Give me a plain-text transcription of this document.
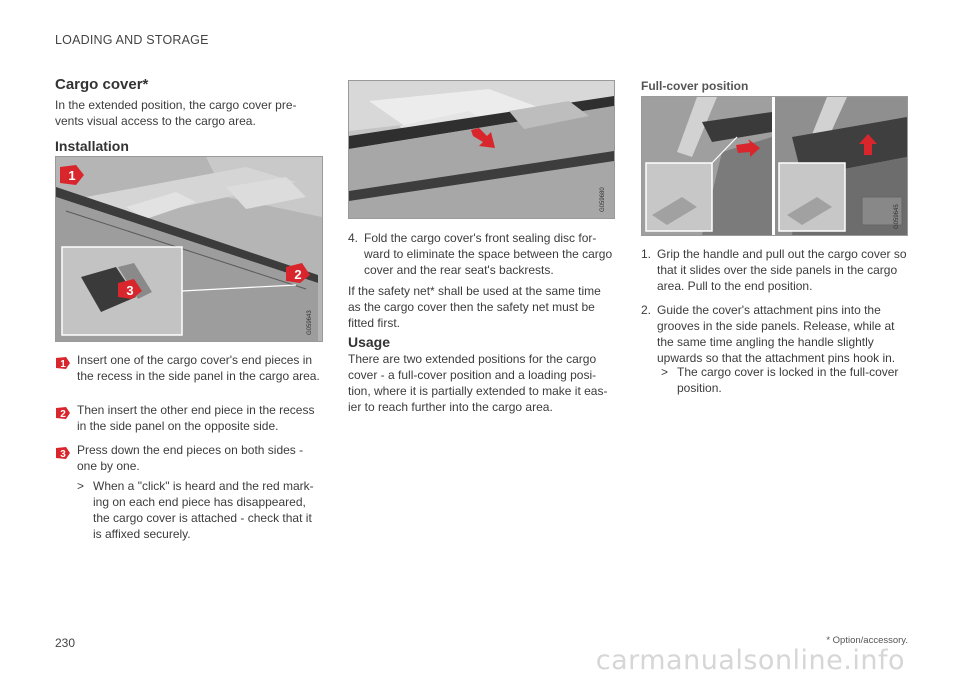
LOADING AND STORAGE
Cargo cover*

In the extended position, the cargo cover pre-vents visual access to the cargo area.

Installation
1
2
3
G059643
1 Insert one of the cargo cover's end pieces in the recess in the side panel in the cargo area.
2 Then insert the other end piece in the recess in the side panel on the opposite side.
3 Press down the end pieces on both sides - one by one.
> When a "click" is heard and the red mark-ing on each end piece has disappeared, the cargo cover is attached - check that it is affixed securely.
G059680
4. Fold the cargo cover's front sealing disc for-ward to eliminate the space between the cargo cover and the rear seat's backrests.

If the safety net* shall be used at the same time as the cargo cover then the safety net must be fitted first.

Usage

There are two extended positions for the cargo cover - a full-cover position and a loading posi-tion, where it is partially extended to make it eas-ier to reach further into the cargo area.

Full-cover position
G059645
1. Grip the handle and pull out the cargo cover so that it slides over the side panels in the cargo area. Pull to the end position.
2. Guide the cover's attachment pins into the grooves in the side panels. Release, while at the same time angling the handle slightly upwards so that the attachment pins hook in.
> The cargo cover is locked in the full-cover position.
230	* Option/accessory.
carmanualsonline.info
